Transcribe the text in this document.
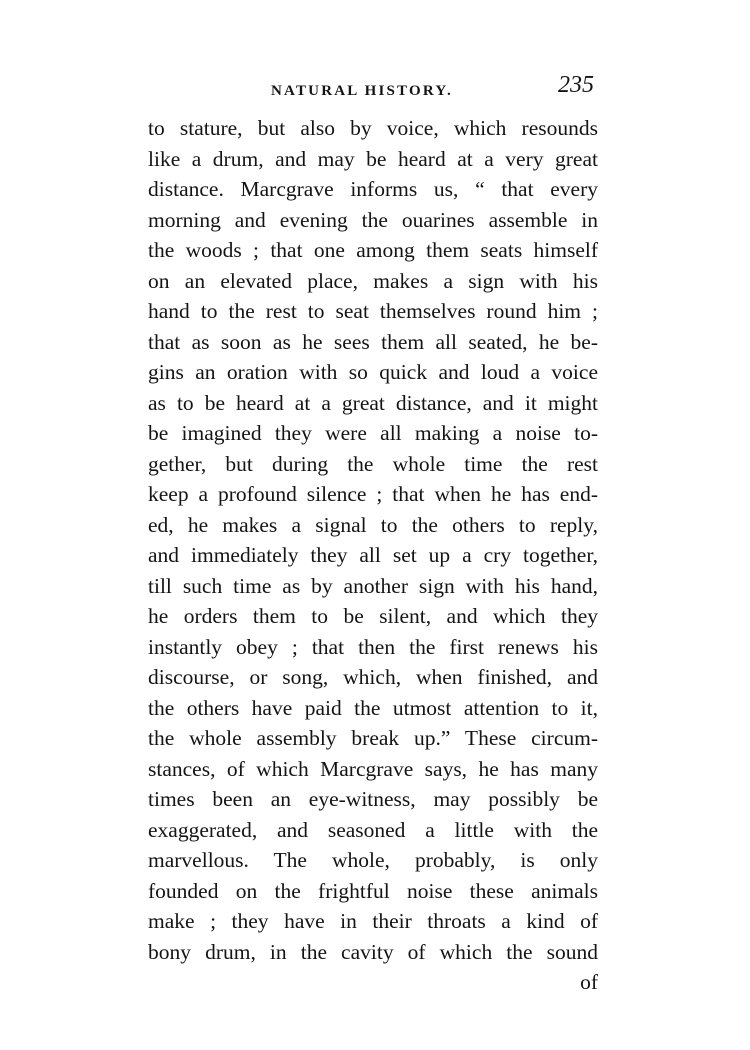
NATURAL HISTORY.	235
to stature, but also by voice, which resounds
like a drum, and may be heard at a very great
distance. Marcgrave informs us, “ that every
morning and evening the ouarines assemble in
the woods ; that one among them seats himself
on an elevated place, makes a sign with his
hand to the rest to seat themselves round him ;
that as soon as he sees them all seated, he be-
gins an oration with so quick and loud a voice
as to be heard at a great distance, and it might
be imagined they were all making a noise to-
gether, but during the whole time the rest
keep a profound silence ; that when he has end-
ed, he makes a signal to the others to reply,
and immediately they all set up a cry together,
till such time as by another sign with his hand,
he orders them to be silent, and which they
instantly obey ; that then the first renews his
discourse, or song, which, when finished, and
the others have paid the utmost attention to it,
the whole assembly break up.” These circum-
stances, of which Marcgrave says, he has many
times been an eye-witness, may possibly be
exaggerated, and seasoned a little with the
marvellous. The whole, probably, is only
founded on the frightful noise these animals
make ; they have in their throats a kind of
bony drum, in the cavity of which the sound
of
